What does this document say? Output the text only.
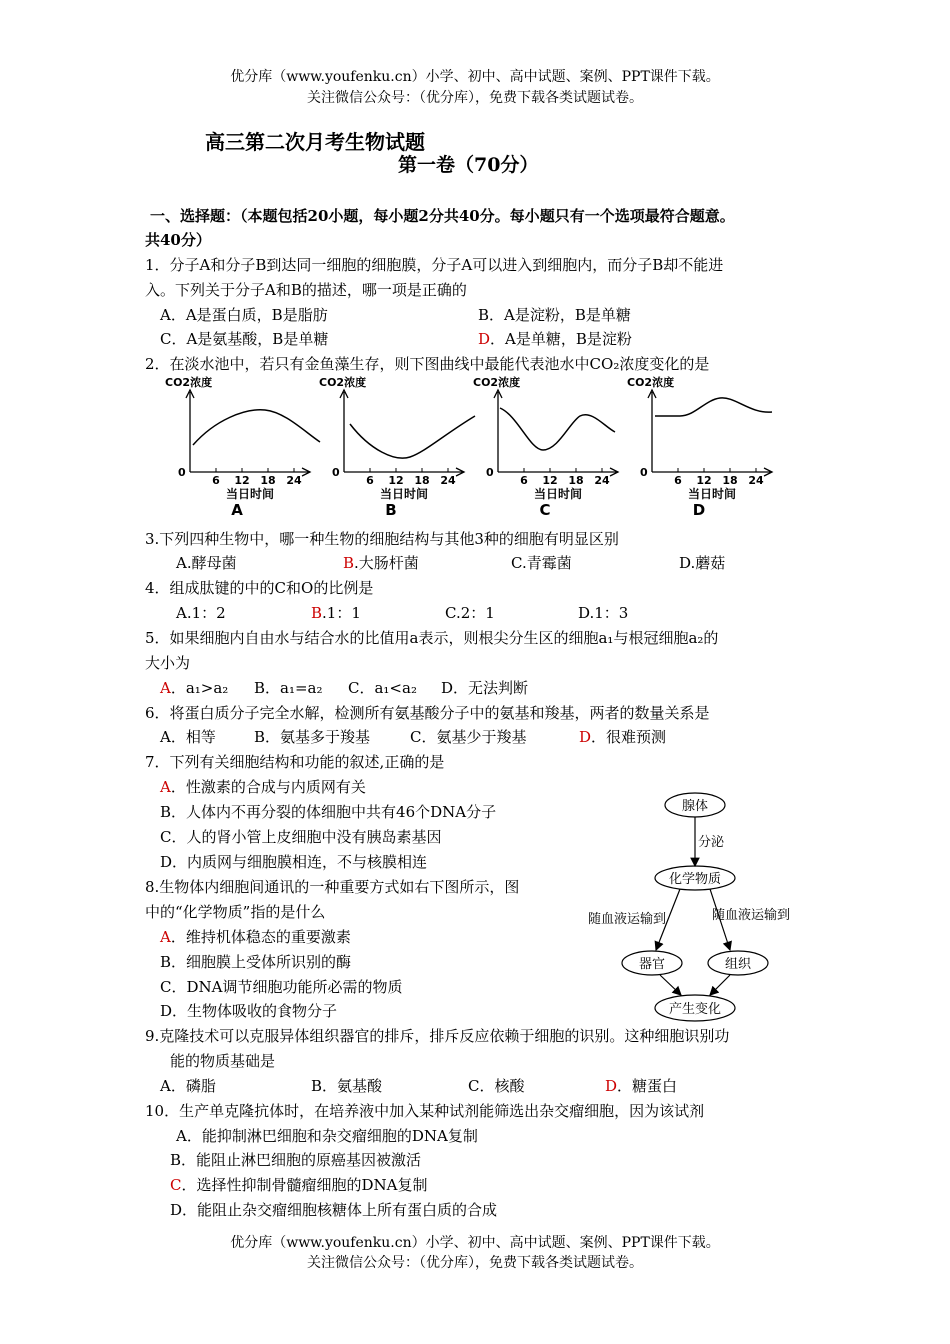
优分库（www.youfenku.cn）小学、初中、高中试题、案例、PPT课件下载。
关注微信公众号：（优分库），免费下载各类试题试卷。
高三第二次月考生物试题
第一卷（70分）
一、选择题：（本题包括20小题，每小题2分共40分。每小题只有一个选项最符合题意。
共40分）
1．分子A和分子B到达同一细胞的细胞膜，分子A可以进入到细胞内，而分子B却不能进
入。下列关于分子A和B的描述，哪一项是正确的
A．A是蛋白质，B是脂肪	B．A是淀粉，B是单糖
C．A是氨基酸，B是单糖	D．A是单糖，B是淀粉
2．在淡水池中，若只有金鱼藻生存，则下图曲线中最能代表池水中CO₂浓度变化的是
CO2浓度
0
6 12 18 24
当日时间
A
CO2浓度
0
6 12 18 24
当日时间
B
CO2浓度
0
6 12 18 24
当日时间
C
CO2浓度
0
6 12 18 24
当日时间
D
3.下列四种生物中，哪一种生物的细胞结构与其他3种的细胞有明显区别
A.酵母菌	B.大肠杆菌	C.青霉菌	D.蘑菇
4．组成肽键的中的C和O的比例是
A.1：2	B.1：1	C.2：1	D.1：3
5．如果细胞内自由水与结合水的比值用a表示，则根尖分生区的细胞a₁与根冠细胞a₂的
大小为
A．a₁>a₂ B．a₁=a₂ C．a₁<a₂ D．无法判断
6．将蛋白质分子完全水解，检测所有氨基酸分子中的氨基和羧基，两者的数量关系是
A．相等	B．氨基多于羧基	C．氨基少于羧基	D．很难预测
7．下列有关细胞结构和功能的叙述,正确的是
A．性激素的合成与内质网有关
B．人体内不再分裂的体细胞中共有46个DNA分子
C．人的肾小管上皮细胞中没有胰岛素基因
D．内质网与细胞膜相连，不与核膜相连
8.生物体内细胞间通讯的一种重要方式如右下图所示，图
中的“化学物质”指的是什么
A．维持机体稳态的重要激素
B．细胞膜上受体所识别的酶
C．DNA调节细胞功能所必需的物质
D．生物体吸收的食物分子
腺体
分泌
化学物质
随血液运输到	随血液运输到
器官	组织
产生变化
9.克隆技术可以克服异体组织器官的排斥，排斥反应依赖于细胞的识别。这种细胞识别功
能的物质基础是
A．磷脂	B．氨基酸	C．核酸	D．糖蛋白
10．生产单克隆抗体时，在培养液中加入某种试剂能筛选出杂交瘤细胞，因为该试剂
A．能抑制淋巴细胞和杂交瘤细胞的DNA复制
B．能阻止淋巴细胞的原癌基因被激活
C．选择性抑制骨髓瘤细胞的DNA复制
D．能阻止杂交瘤细胞核糖体上所有蛋白质的合成
优分库（www.youfenku.cn）小学、初中、高中试题、案例、PPT课件下载。
关注微信公众号：（优分库），免费下载各类试题试卷。
